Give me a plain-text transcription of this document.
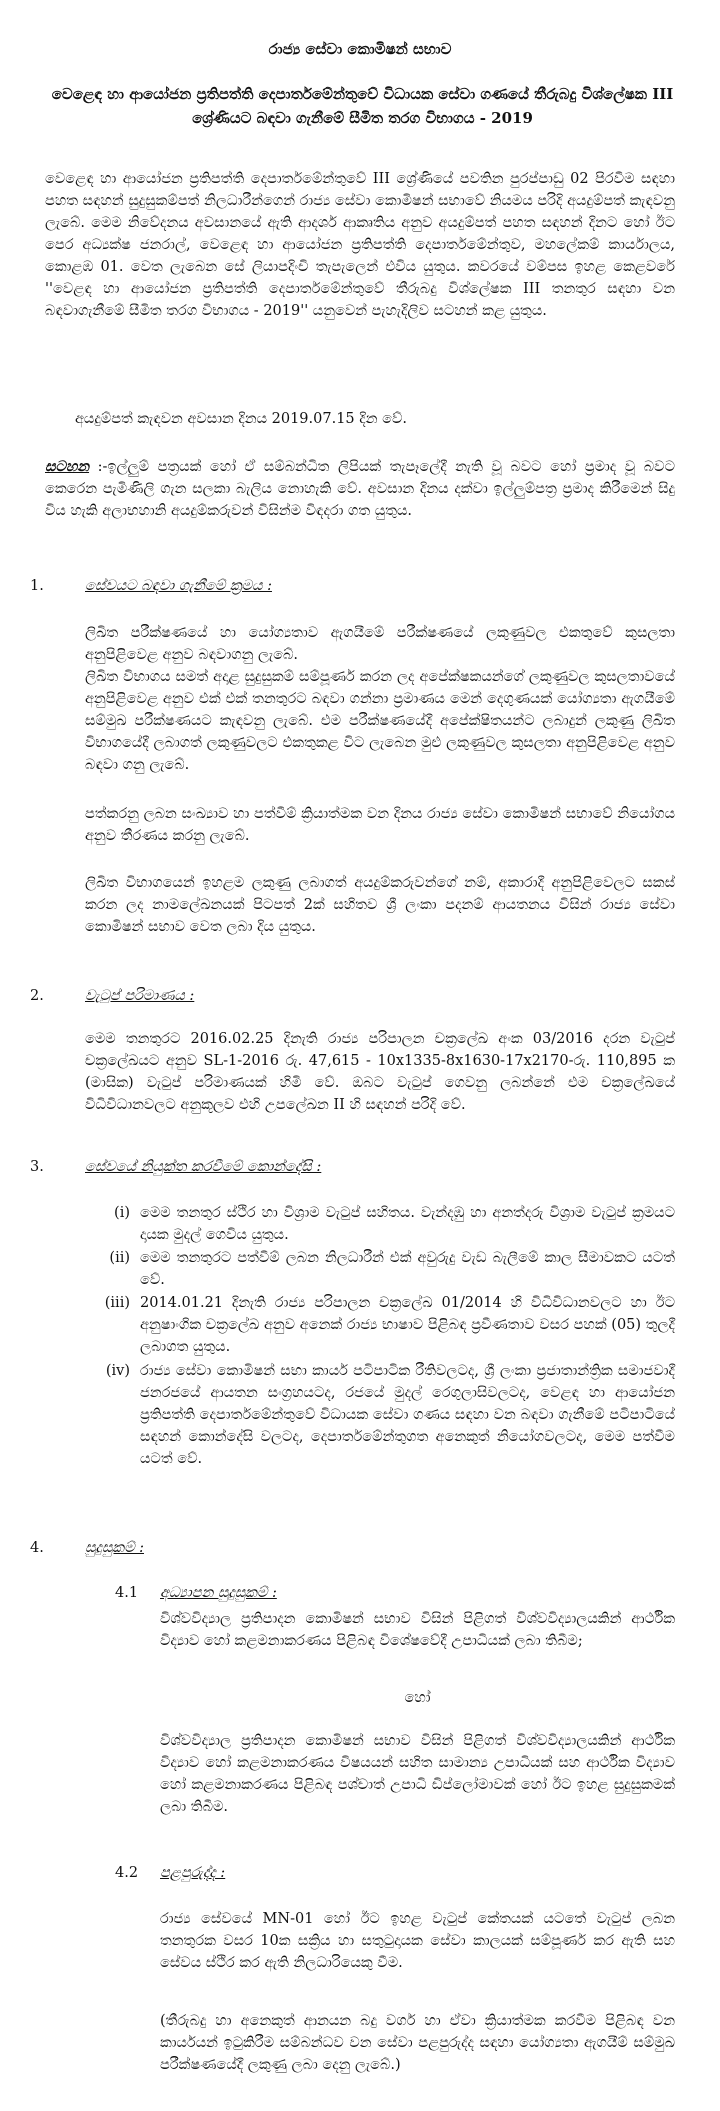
රාජ්‍ය සේවා කොමිෂන් සභාව
වෙළෙඳ හා ආයෝජන ප්‍රතිපත්ති දෙපාර්තමේන්තුවේ විධායක සේවා ගණයේ තීරුබදු විශ්ලේෂක III ශ්‍රේණියට බඳවා ගැනීමේ සීමිත තරග විභාගය - 2019
වෙළෙඳ හා ආයෝජන ප්‍රතිපත්ති දෙපාර්තමේන්තුවේ III ශ්‍රේණියේ පවතින පුරප්පාඩු 02 පිරවීම සඳහා පහත සඳහන් සුදුසුකම්පත් නිලධාරීන්ගෙන් රාජ්‍ය සේවා කොමිෂන් සභාවේ නියමය පරිදි අයදුම්පත් කැඳවනු ලැබේ. මෙම නිවේදනය අවසානයේ ඇති ආදර්ශ ආකෘතිය අනුව අයදුම්පත් පහත සඳහන් දිනට හෝ ඊට පෙර අධ්‍යක්ෂ ජනරාල්, වෙළෙඳ හා ආයෝජන ප්‍රතිපත්ති දෙපාර්තමේන්තුව, මහලේකම් කාර්යාලය, කොළඹ 01. වෙත ලැබෙන සේ ලියාපදිංචි තැපැලෙන් එවිය යුතුය. කවරයේ වම්පස ඉහළ කෙළවරේ ''වෙළඳ හා ආයෝජන ප්‍රතිපත්ති දෙපාර්තමේන්තුවේ තීරුබදු විශ්ලේෂක III තනතුර සඳහා වන බඳවාගැනීමේ සීමිත තරග විභාගය - 2019'' යනුවෙන් පැහැදිලිව සටහන් කළ යුතුය.
අයදුම්පත් කැඳවන අවසාන දිනය 2019.07.15 දින වේ.
සටහන :-ඉල්ලුම් පත්‍රයක් හෝ ඒ සම්බන්ධිත ලිපියක් තැපෑලේදී නැති වූ බවට හෝ ප්‍රමාද වූ බවට කෙරෙන පැමිණිලි ගැන සලකා බැලිය නොහැකි වේ. අවසාන දිනය දක්වා ඉල්ලුම්පත්‍ර ප්‍රමාද කිරීමෙන් සිදු විය හැකි අලාභහානි අයදුම්කරුවන් විසින්ම විඳදරා ගත යුතුය.
1.	සේවයට බඳවා ගැනීමේ ක්‍රමය :
ලිඛිත පරීක්ෂණයේ හා යෝග්‍යතාව ඇගයීමේ පරීක්ෂණයේ ලකුණුවල එකතුවේ කුසලතා අනුපිළිවෙළ අනුව බඳවාගනු ලැබේ.
ලිඛිත විභාගය සමත් අදාළ සුදුසුකම් සම්පූර්ණ කරන ලද අපේක්ෂකයන්ගේ ලකුණුවල කුසලතාවයේ අනුපිළිවෙළ අනුව එක් එක් තනතුරට බඳවා ගන්නා ප්‍රමාණය මෙන් දෙගුණයක් යෝග්‍යතා ඇගයීමේ සම්මුඛ පරීක්ෂණයට කැඳවනු ලැබේ. එම පරීක්ෂණයේදී අපේක්ෂිතයන්ට ලබාදුන් ලකුණු ලිඛිත විභාගයේදී ලබාගත් ලකුණුවලට එකතුකළ විට ලැබෙන මුළු ලකුණුවල කුසලතා අනුපිළිවෙළ අනුව බඳවා ගනු ලැබේ.
පත්කරනු ලබන සංඛ්‍යාව හා පත්වීම් ක්‍රියාත්මක වන දිනය රාජ්‍ය සේවා කොමිෂන් සභාවේ නියෝගය අනුව තීරණය කරනු ලැබේ.
ලිඛිත විභාගයෙන් ඉහළම ලකුණු ලබාගත් අයදුම්කරුවන්ගේ නම්, අකාරාදී අනුපිළිවෙලට සකස් කරන ලද නාමලේඛනයක් පිටපත් 2ක් සහිතව ශ්‍රී ලංකා පදනම් ආයතනය විසින් රාජ්‍ය සේවා කොමිෂන් සභාව වෙත ලබා දිය යුතුය.
2.	වැටුප් පරිමාණය :
මෙම තනතුරට 2016.02.25 දිනැති රාජ්‍ය පරිපාලන චක්‍රලේඛ අංක 03/2016 දරන වැටුප් චක්‍රලේඛයට අනුව SL-1-2016 රු. 47,615 - 10x1335-8x1630-17x2170-රු. 110,895 ක (මාසික) වැටුප් පරිමාණයක් හිමි වේ. ඔබට වැටුප් ගෙවනු ලබන්නේ එම චක්‍රලේඛයේ විධිවිධානවලට අනුකූලව එහි උපලේඛන II හි සඳහන් පරිදි වේ.
3.	සේවයේ නියුක්ත කරවීමේ කොන්දේසි :
(i) මෙම තනතුර ස්ථිර හා විශ්‍රාම වැටුප් සහිතය. වැන්දඹු හා අනත්දරු විශ්‍රාම වැටුප් ක්‍රමයට දායක මුදල් ගෙවිය යුතුය.
(ii) මෙම තනතුරට පත්වීම් ලබන නිලධාරීන් එක් අවුරුදු වැඩ බැලීමේ කාල සීමාවකට යටත් වේ.
(iii) 2014.01.21 දිනැති රාජ්‍ය පරිපාලන චක්‍රලේඛ 01/2014 හි විධිවිධානවලට හා ඊට අනුෂාංගික චක්‍රලේඛ අනුව අනෙක් රාජ්‍ය භාෂාව පිළිබඳ ප්‍රවීණතාව වසර පහක් (05) තුලදී ලබාගත යුතුය.
(iv) රාජ්‍ය සේවා කොමිෂන් සභා කාර්ය පටිපාටික රීතිවලටද, ශ්‍රී ලංකා ප්‍රජාතාන්ත්‍රික සමාජවාදී ජනරජයේ ආයතන සංග්‍රහයටද, රජයේ මුදල් රෙගුලාසිවලටද, වෙළඳ හා ආයෝජන ප්‍රතිපත්ති දෙපාර්තමේන්තුවේ විධායක සේවා ගණය සඳහා වන බඳවා ගැනීමේ පටිපාටියේ සඳහන් කොන්දේසි වලටද, දෙපාර්තමේන්තුගත අනෙකුත් නියෝගවලටද, මෙම පත්වීම යටත් වේ.
4.	සුදුසුකම් :
4.1	අධ්‍යාපන සුදුසුකම් :
විශ්වවිද්‍යාල ප්‍රතිපාදන කොමිෂන් සභාව විසින් පිළිගත් විශ්වවිද්‍යාලයකින් ආර්ථික විද්‍යාව හෝ කළමනාකරණය පිළිබඳ විශේෂවේදී උපාධියක් ලබා තිබීම;
හෝ
විශ්වවිද්‍යාල ප්‍රතිපාදන කොමිෂන් සභාව විසින් පිළිගත් විශ්වවිද්‍යාලයකින් ආර්ථික විද්‍යාව හෝ කළමනාකරණය විෂයයන් සහිත සාමාන්‍ය උපාධියක් සහ ආර්ථික විද්‍යාව හෝ කළමනාකරණය පිළිබඳ පශ්චාත් උපාධි ඩිප්ලෝමාවක් හෝ ඊට ඉහළ සුදුසුකමක් ලබා තිබීම.
4.2	පළපුරුද්ද :
රාජ්‍ය සේවයේ MN-01 හෝ ඊට ඉහළ වැටුප් කේතයක් යටතේ වැටුප් ලබන තනතුරක වසර 10ක සක්‍රිය හා සතුටුදායක සේවා කාලයක් සම්පූර්ණ කර ඇති සහ සේවය ස්ථිර කර ඇති නිලධාරියෙකු වීම.
(තීරුබදු හා අනෙකුත් ආනයන බදු වර්ග හා ඒවා ක්‍රියාත්මක කරවීම පිළිබඳ වන කාර්යයන් ඉටුකිරීම සම්බන්ධව වන සේවා පළපුරුද්ද සඳහා යෝග්‍යතා ඇගයීම් සම්මුඛ පරීක්ෂණයේදී ලකුණු ලබා දෙනු ලැබේ.)
